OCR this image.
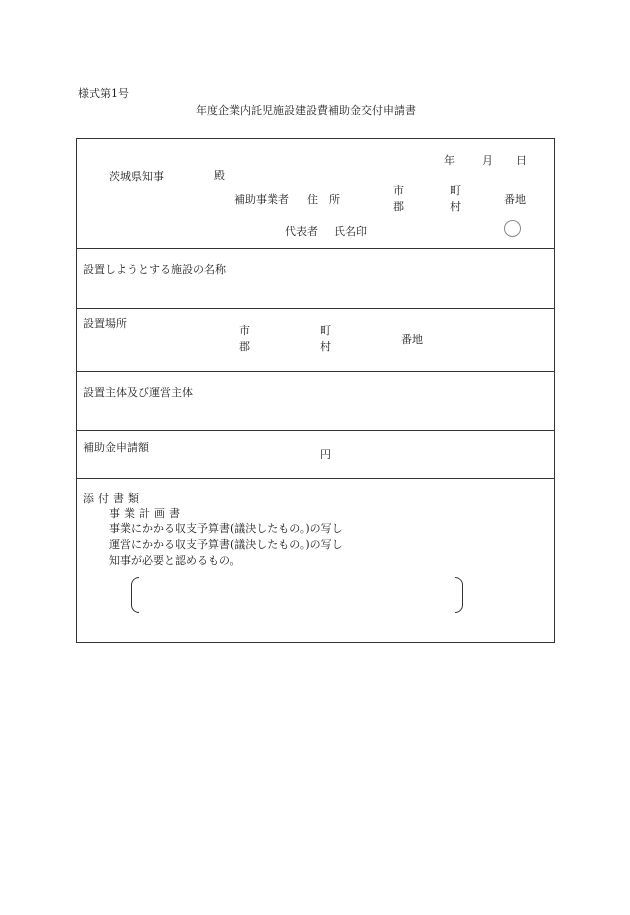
様式第1号
年度企業内託児施設建設費補助金交付申請書
年 月 日
茨城県知事	殿
補助事業者 住　所
市
郡
町
村
番地
代表者 氏名印
設置しようとする施設の名称
設置場所
市
郡
町
村
番地
設置主体及び運営主体
補助金申請額
円
添付書類
事業計画書
事業にかかる収支予算書(議決したもの。)の写し
運営にかかる収支予算書(議決したもの。)の写し
知事が必要と認めるもの。
